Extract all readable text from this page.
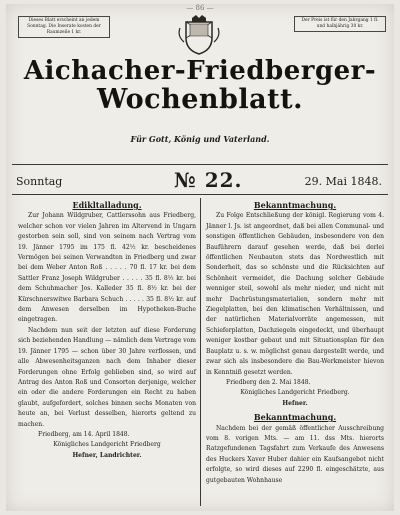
— 86 —
Dieses Blatt erscheint an jedem Sonntag. Die Inserate kosten der Raumzeile 1 kr.
Der Preis ist für den Jahrgang 1 fl. und halbjährig 30 kr.
Aichacher-Friedberger-
Wochenblatt.
Für Gott, König und Vaterland.
Sonntag	№ 22.	29. Mai 1848.
Edikltalladung.

Zur Johann Wildgruber, Cattlerssohn aus Friedberg, welcher schon vor vielen Jahren im Altervend in Ungarn gestorben sein soll, sind von seinem nach Vertrag vom 19. Jänner 1795 im 175 fl. 42½ kr. bescheidenes Vermögen bei seinen Verwandten in Friedberg und zwar bei dem Weber Anton Roß . . . . . 70 fl. 17 kr. bei dem Sattler Franz Joseph Wildgruber . . . . . 35 fl. 8½ kr. bei dem Schuhmacher Jos. Kalleder 35 fl. 8½ kr. bei der Kürschnerswitwe Barbara Schuch . . . . . 35 fl. 8½ kr. auf dem Anwesen derselben im Hypotheken-Buche eingetragen.

Nachdem nun seit der letzten auf diese Forderung sich beziehenden Handlung — nämlich dem Vertrage vom 19. Jänner 1795 — schon über 30 Jahre verflossen, und alle Abwesenheitsganzen nach dem Inhaber dieser Forderungen ohne Erfolg geblieben sind, so wird auf Antrag des Anton Roß und Consorten derjenige, welcher ein oder die andere Forderungen ein Recht zu haben glaubt, aufgefordert, solches binnen sechs Monaten von heute an, bei Verlust desselben, hierorts geltend zu machen.

Friedberg, am 14. April 1848.

Königliches Landgericht Friedberg

Hefner, Landrichter.

Bekanntmachung.

Zu Folge Entschließung der königl. Regierung vom 4. Jänner l. Js. ist angeordnet, daß bei allen Communal- und sonstigen öffentlichen Gebäuden, insbesondere von den Bauführern darauf gesehen werde, daß bei derlei öffentlichen Neubauten stets das Nordwestlich mit Sonderheit, das so schönste und die Rücksichten auf Schönheit vermeidet, die Dachung solcher Gebäude wenniger steil, sowohl als mehr nieder, und nicht mit mehr Dachrüstungsmaterialien, sondern mehr mit Ziegelplatten, bei den klimatischen Verhältnissen, und der natürlichen Materialvorräte angemessen, mit Schieferplatten, Dachziegeln eingedeckt, und überhaupt weniger kostbar gebaut und mit Situationsplan für den Bauplatz u. s. w. möglichst genau dargestellt werde, und zwar sich als insbesondere die Bau-Werkmeister hievon in Kenntniß gesetzt werden.

Friedberg den 2. Mai 1848.

Königliches Landgericht Friedberg.

Hefner.

Bekanntmachung.

Nachdem bei der gemäß öffentlicher Ausschreibung vom 8. vorigen Mts. — am 11. dss Mts. hierorts Ratzgefundenen Tagsfahrt zum Verkaufe des Anwesens des Huckers Xaver Huber dahier ein Kaufsangebot nicht erfolgte, so wird dieses auf 2290 fl. eingeschätzte, aus gutgebauten Wohnhause
